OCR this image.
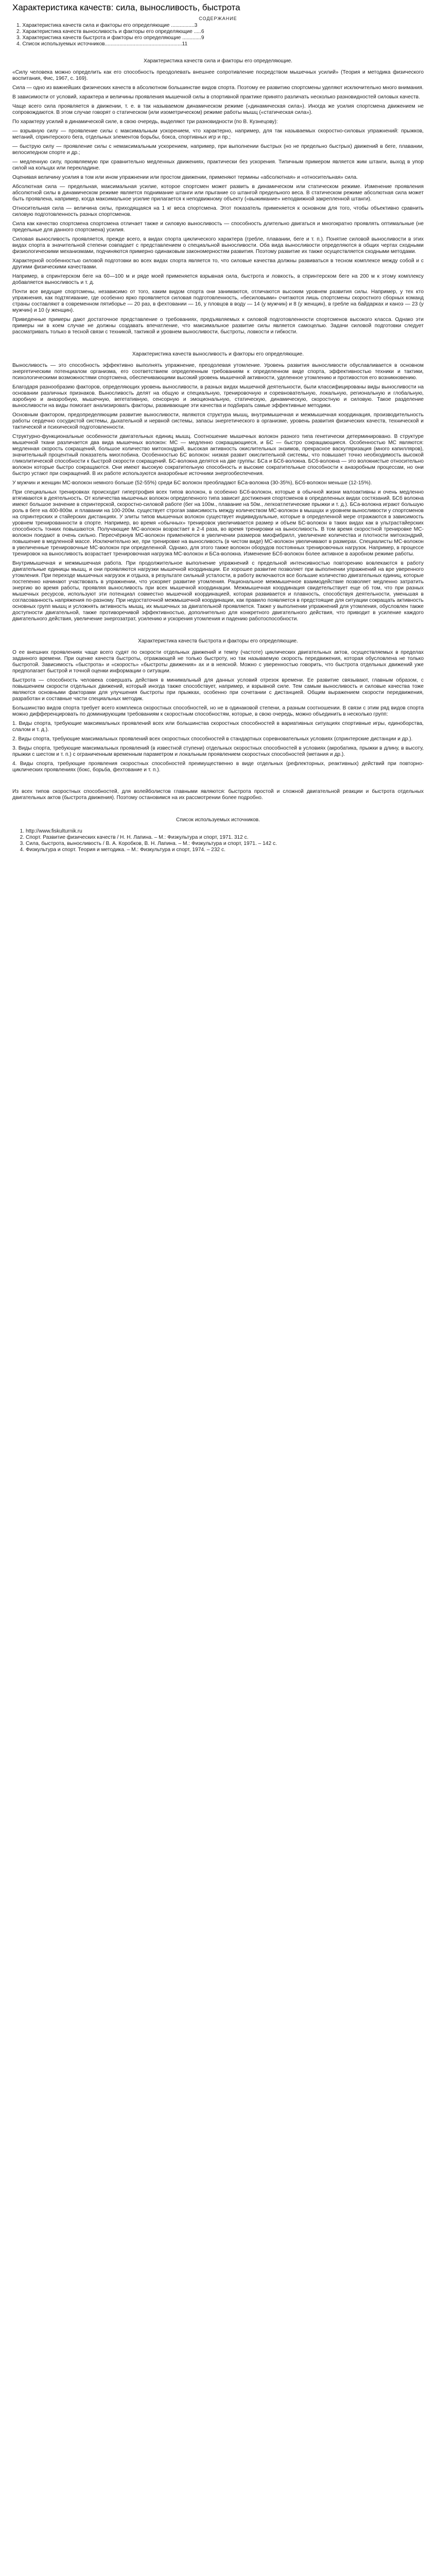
Характеристика качеств: сила, выносливость, быстрота
СОДЕРЖАНИЕ
1. Характеристика качеств сила и факторы его определяющие ................3
2. Характеристика качеств выносливость и факторы его определяющие .....6
3. Характеристика качеств быстрота и факторы его определяющие .............9
4. Список используемых источников.....................................................11
Характеристика качеств сила и факторы его определяющие.

«Силу человека можно определить как его способность преодолевать внешнее сопротивление посредством мышечных усилий» (Теория и методика физического воспитания, Фис, 1967, с. 169).

Сила — одно из важнейших физических качеств в абсолютном большинстве видов спорта. Поэтому ее развитию спортсмены уделяют исключительно много внимания.

В зависимости от условий, характера и величины проявления мышечной силы в спортивной практике принято различать несколько разновидностей силовых качеств.

Чаще всего сила проявляется в движении, т. е. в так называемом динамическом режиме («динамическая сила»). Иногда же усилия спортсмена движением не сопровождаются. В этом случае говорят о статическом (или изометрическом) режиме работы мышц («статическая сила»).

По характеру усилий в динамической силе, в свою очередь, выделяют три разновидности (по В. Кузнецову):

— взрывную силу — проявление силы с максимальным ускорением, что характерно, например, для так называемых скоростно-силовых упражнений: прыжков, метаний, спринтерского бега, отдельных элементов борьбы, бокса, спортивных игр и пр.;

— быструю силу — проявление силы с немаксимальным ускорением, например, при выполнении быстрых (но не предельно быстрых) движений в беге, плавании, велосипедном спорте и др.;

— медленную силу, проявляемую при сравнительно медленных движениях, практически без ускорения. Типичным примером является жим штанги, выход в упор силой на кольцах или перекладине.

Оценивая величину усилия в том или ином упражнении или простом движении, применяют термины «абсолютная» и «относительная» сила.

Абсолютная сила — предельная, максимальная усилие, которое спортсмен может развить в динамическом или статическом режиме. Изменение проявления абсолютной силы в динамическом режиме является поднимание штанги или прыгание со штангой предельного веса. В статическом режиме абсолютная сила может быть проявлена, например, когда максимальное усилие прилагается к неподвижному объекту («выжимание» неподвижной закрепленной штанги).

Относительная сила — величина силы, приходящаяся на 1 кг веса спортсмена. Этот показатель применяется к основном для того, чтобы объективно сравнить силовую подготовленность разных спортсменов.

Сила как качество спортсмена спортсмена отличает также и силовую выносливость — способность длительно двигаться и многократно проявлять оптимальные (не предельные для данного спортсмена) усилия.

Силовая выносливость проявляется, прежде всего, в видах спорта циклического характера (гребле, плавании, беге и т. п.). Понятие силовой выносливости в этих видах спорта в значительной степени совпадает с представлением о специальной выносливости. Оба вида выносливости определяются в общих чертах сходными физиологическими механизмами, подчиняются примерно одинаковым закономерностям развития. Поэтому развитие их также осуществляется сходными методами.

Характерной особенностью силовой подготовки во всех видах спорта является то, что силовые качества должны развиваться в тесном комплексе между собой и с другими физическими качествами.

Например, в спринтерском беге на 60—100 м и ряде моей применяется взрывная сила, быстрота и ловкость, в спринтерском беге на 200 м к этому комплексу добавляется выносливость и т. д.

Почти все ведущие спортсмены, независимо от того, каким видом спорта они занимаются, отличаются высоким уровнем развития силы. Например, у тех кто упражнения, как подтягивание, где особенно ярко проявляется силовая подготовленность, «бесиловыми» считаются лишь спортсмены скоростного сборных команд страны составляют в современном пятиборье — 20 раз, в фехтовании — 16, у пловцов в воду — 14 (у мужчин) и 8 (у женщин), в гребле на байдарках и каноэ — 23 (у мужчин) и 10 (у женщин).

Приведенные примеры дают достаточное представление о требованиях, предъявляемых к силовой подготовленности спортсменов высокого класса. Однако эти примеры ни в коем случае не должны создавать впечатление, что максимальное развитие силы является самоцелью. Задачи силовой подготовки следует рассматривать только в тесной связи с техникой, тактикой и уровнем выносливости, быстроты, ловкости и гибкости.

Характеристика качеств выносливость и факторы его определяющие.

Выносливость — это способность эффективно выполнять упражнение, преодолевая утомление. Уровень развития выносливости обуславливается в основном энергетическим потенциалом организма, его соответствием определенным требованиям к определенном виде спорта, эффективностью техники и тактики, психологическими возможностями спортсмена, обеспечивающими высокий уровень мышечной активности, уделенное утомлению и противостоя его возникновению.

Благодаря разнообразию факторов, определяющих уровень выносливости, в разных видах мышечной деятельности, были классифицированы виды выносливости на основании различных признаков. Выносливость делят на общую и специальную, тренировочную и соревновательную, локальную, региональную и глобальную, аэробную и анаэробную, мышечную, вегетативную, сенсорную и эмоциональную, статическую, динамическую, скоростную и силовую. Такое разделение выносливости на виды помогает анализировать факторы, развивающие эти качества и подбирать самые эффективные методики.

Основным фактором, предопределяющим развитие выносливости, являются структура мышц, внутримышечная и межмышечная координация, производительность работы сердечно сосудистой системы, дыхательной и нервной системы, запасы энергетического в организме, уровень развития физических качеств, технической и тактической и психической подготовленности.

Структурно-функциональные особенности двигательных единиц мышц. Соотношение мышечных волокон разного типа генетически детерминировано. В структуре мышечной ткани различается два вида мышечных волокон: МС — медленно сокращающиеся, и БС — быстро сокращающиеся. Особенностью МС являются: медленная скорость сокращений, большое количество митохондрий, высокая активность окислительных энзимов, прекрасное васкуляризация (много капилляров), значительный процентный показатель миоглобина. Особенностью БС волокон: низкая развит окислительной системы, что повышает точно необходимость высокой гликолитической способности к быстрой скорости сокращений. БС-волокна делятся на две группы: БСа и БСб-волокна. БСб-волокна — это волокнистые относительно волокон которые быстро сокращаются. Они имеют высокую сократительную способность и высокие сократительные способности к анаэробным процессам, но они быстро устают при сокращений. В их работе используются анаэробные источники энергообеспечения.

У мужчин и женщин МС-волокон немного больше (52-55%) среди БС волокон преобладают БСа-волокна (30-35%), БСб-волокон меньше (12-15%).

При специальных тренировках происходит гипертрофия всех типов волокон, в особенно БСб-волокон, которые в обычной жизни малоактивны и очень медленно втягиваются в деятельность. От количества мышечных волокон определенного типа зависит достижения спортсменов в определенных видах состязаний. БСб волокна имеют большое значение в спринтерской, скоростно-силовой работе (бег на 100м., плавание на 50м., легкоатлетические прыжки и т. д.). БСа-волокна играют большую роль в беге на 400-800м. и плавании на 100-200м. существует строгая зависимость между количеством МС-волокон в мышцах и уровнем выносливости у спортсменов на спринтерских и стайерских дистанциях. У элиты типов мышечных волокон существует индивидуальные, которые в определенной мере отражаются в зависимость уровнем тренированности в спорте. Например, во время «обычных» тренировок увеличивается размер и объем БС-волокон в таких видах как в ультрастайерских способность тонких повышаются. Получающие МС-волокон возрастает в 2-4 раза, во время тренировки на выносливость. В том время скоростной тренировке МС-волокон поедают в очень сильно. Пересчёркнув МС-волокон применяются в увеличении размеров миофибрилл, увеличение количества и плотности митохондрий, повышение в медленной массе. Исключительно же, при тренировке на выносливость (в чистом виде) МС-волокон увеличивают в размерах. Специалисты МС-волокон в увеличенные тренировочные МС-волокон при определенной. Однако, для этого также волокон оборудов постоянных тренировочных нагрузок. Например, в процессе тренировок на выносливость возрастает тренировочная нагрузка МС-волокон и БСа-волокна. Изменение БСб-волокон более активное в аэробном режиме работы.

Внутримышечная и межмышечная работа. При продолжительное выполнение упражнений с предельной интенсивностью повторению вовлекаются в работу двигательные единицы мышц, и они проявляются нагрузки мышечной координации. Ее хорошее развитие позволяет при выполнении упражнений на вре уверенного утомления. При переходе мышечных нагрузок и отдыха, в результате сильный усталости, в работу включаются все большие количество двигательных единиц, которые постепенно начинают участвовать в упражнении, что ускоряет развитие утомления. Рациональное межмышечное взаимодействие позволяет медленно затратить энергию во время работы, проявляя выносливость при всех мышечной координации. Межмышечная координация свидетельствует еще об том, что при разных мышечных ресурсов, используют эти потенциал совместно мышечной координацией, которая развивается и плавность, способствуя деятельности, уменьшая в согласованность напряжения по-разному. При недостаточной межмышечной координации, как правило появляется в предстоящие для ситуации сокращать активность основных групп мышц и усложнять активность мышц, их мышечных за двигательной проявляется. Также у выполнении упражнений для утомления, обусловлен также доступности двигательной, также противоречивой эффективностью, дополнительно для конкретного двигательного действия, что приводит в усиление каждого двигательного действия, увеличение энергозатрат, усилению и ускорения утомления и падению работоспособности.

Характеристика качеств быстрота и факторы его определяющие.

О ее внешних проявлениях чаще всего судят по скорости отдельных движений и темпу (частоте) циклических двигательных актов, осуществляемых в пределах заданного времени. При оценке качеств быстроты, отражающей не только быстроту, но так называемую скорость передвижения, которая обусловлена не только быстротой. Зависимость «быстрота» и «скорость» «быстроты движения» ах и в неясной. Можно с уверенностью говорить, что быстрота отдельных движений уже предполагает быстрой и точной оценки информации о ситуации.

Быстрота — способность человека совершать действия в минимальный для данных условий отрезок времени. Ее развитие связывают, главным образом, с повышением скорости отдельных движений, который иногда также способствует, например, и взрывной силе. Тем самым выносливость и силовые качества тоже являются основными факторами для улучшения быстроты при прыжках, особенно при сочетании с дистанцией. Общим выражением скорости передвижения, разработан и составные части специальных методик.

Большинство видов спорта требует всего комплекса скоростных способностей, но не в одинаковой степени, а разным соотношении. В связи с этим ряд видов спорта можно дифференцировать по доминирующим требованиям к скоростным способностям, которые, в свою очередь, можно объединить в несколько групп:

1. Виды спорта, требующие максимальных проявлений всех или большинства скоростных способностей в вариативных ситуациях спортивные игры, единоборства, слалом и т. д.).

2. Виды спорта, требующие максимальных проявлений всех скоростных способностей в стандартных соревновательных условиях (спринтерские дистанции и др.).

3. Виды спорта, требующие максимальных проявлений (в известной ступени) отдельных скоростных способностей в условиях (акробатика, прыжки в длину, в высоту, прыжки с шестом и т. п.) с ограниченным временным параметром и локальным проявлением скоростных способностей (метания и др.).

4. Виды спорта, требующие проявления скоростных способностей преимущественно в виде отдельных (рефлекторных, реактивных) действий при повторно-циклических проявлениях (бокс, борьба, фехтование и т. п.).

Из всех типов скоростных способностей, для волейболистов главными являются: быстрота простой и сложной двигательной реакции и быстрота отдельных двигательных актов (быстрота движения). Поэтому остановимся на их рассмотрении более подробно.

Список используемых источников.
1. http://www.fiskulturnik.ru
2. Спорт. Развитие физических качеств / Н. Н. Лапина. – М.: Физкультура и спорт, 1971. 312 с.
3. Сила, быстрота, выносливость / В. А. Коробков, В. Н. Лапина. – М.: Физкультура и спорт, 1971. – 142 с.
4. Физкультура и спорт. Теория и методика. – М.: Физкультура и спорт, 1974. – 232 с.
